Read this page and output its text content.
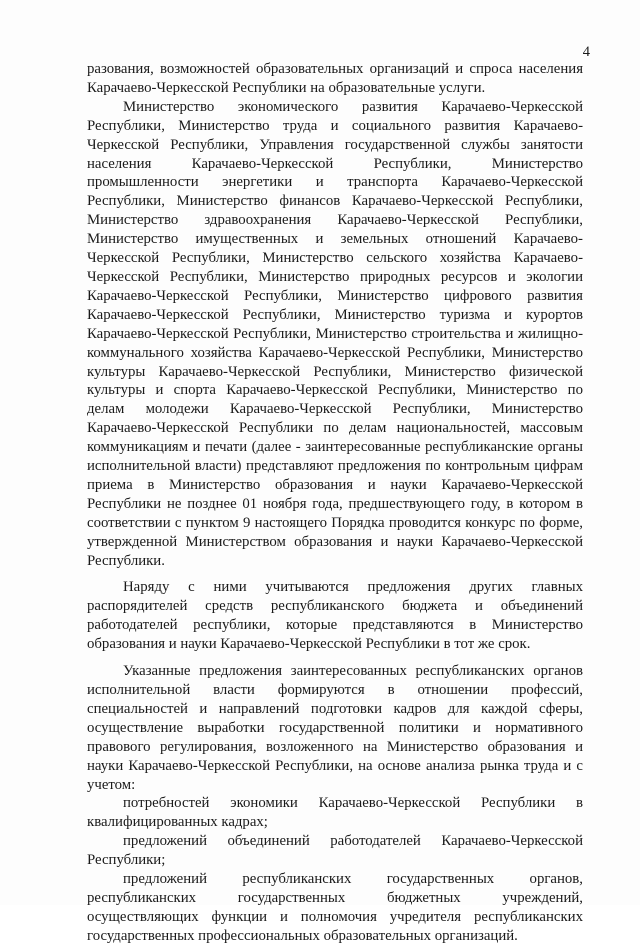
4

разования, возможностей образовательных организаций и спроса населения Карачаево-Черкесской Республики на образовательные услуги.

Министерство экономического развития Карачаево-Черкесской Республики, Министерство труда и социального развития Карачаево-Черкесской Республики, Управления государственной службы занятости населения Карачаево-Черкесской Республики, Министерство промышленности энергетики и транспорта Карачаево-Черкесской Республики, Министерство финансов Карачаево-Черкесской Республики, Министерство здравоохранения Карачаево-Черкесской Республики, Министерство имущественных и земельных отношений Карачаево-Черкесской Республики, Министерство сельского хозяйства Карачаево-Черкесской Республики, Министерство природных ресурсов и экологии Карачаево-Черкесской Республики, Министерство цифрового развития Карачаево-Черкесской Республики, Министерство туризма и курортов Карачаево-Черкесской Республики, Министерство строительства и жилищно-коммунального хозяйства Карачаево-Черкесской Республики, Министерство культуры Карачаево-Черкесской Республики, Министерство физической культуры и спорта Карачаево-Черкесской Республики, Министерство по делам молодежи Карачаево-Черкесской Республики, Министерство Карачаево-Черкесской Республики по делам национальностей, массовым коммуникациям и печати (далее - заинтересованные республиканские органы исполнительной власти) представляют предложения по контрольным цифрам приема в Министерство образования и науки Карачаево-Черкесской Республики не позднее 01 ноября года, предшествующего году, в котором в соответствии с пунктом 9 настоящего Порядка проводится конкурс по форме, утвержденной Министерством образования и науки Карачаево-Черкесской Республики.

Наряду с ними учитываются предложения других главных распорядителей средств республиканского бюджета и объединений работодателей республики, которые представляются в Министерство образования и науки Карачаево-Черкесской Республики в тот же срок.

Указанные предложения заинтересованных республиканских органов исполнительной власти формируются в отношении профессий, специальностей и направлений подготовки кадров для каждой сферы, осуществление выработки государственной политики и нормативного правового регулирования, возложенного на Министерство образования и науки Карачаево-Черкесской Республики, на основе анализа рынка труда и с учетом:

потребностей экономики Карачаево-Черкесской Республики в квалифицированных кадрах;

предложений объединений работодателей Карачаево-Черкесской Республики;

предложений республиканских государственных органов, республиканских государственных бюджетных учреждений, осуществляющих функции и полномочия учредителя республиканских государственных профессиональных образовательных организаций.
